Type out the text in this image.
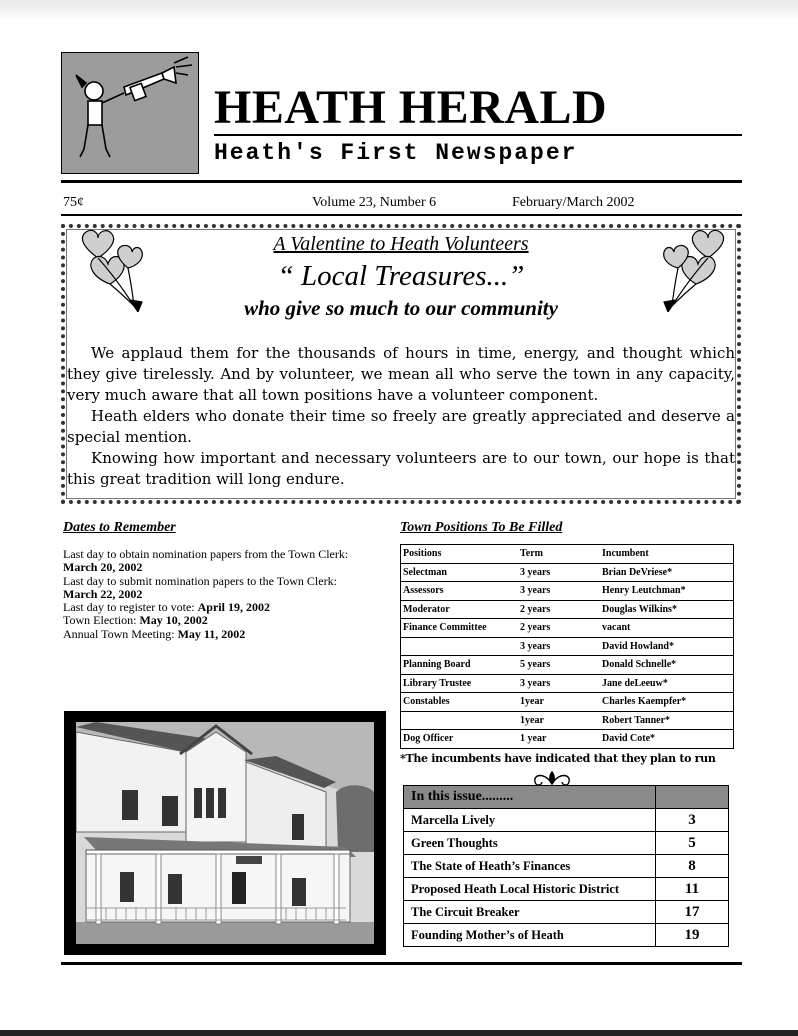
HEATH HERALD
Heath's First Newspaper
75¢	Volume 23, Number 6	February/March 2002
A Valentine to Heath Volunteers
“ Local Treasures...”
who give so much to our community

We applaud them for the thousands of hours in time, energy, and thought which they give tirelessly. And by volunteer, we mean all who serve the town in any capacity, very much aware that all town positions have a volunteer component.

Heath elders who donate their time so freely are greatly appreciated and deserve a special mention.

Knowing how important and necessary volunteers are to our town, our hope is that this great tradition will long endure.

Dates to Remember
Last day to obtain nomination papers from the Town Clerk:
March 20, 2002
Last day to submit nomination papers to the Town Clerk:
March 22, 2002
Last day to register to vote: April 19, 2002
Town Election: May 10, 2002
Annual Town Meeting: May 11, 2002
Town Positions To Be Filled
Positions	Term	Incumbent
Selectman	3 years	Brian DeVriese*
Assessors	3 years	Henry Leutchman*
Moderator	2 years	Douglas Wilkins*
Finance Committee	2 years	vacant
	3 years	David Howland*
Planning Board	5 years	Donald Schnelle*
Library Trustee	3 years	Jane deLeeuw*
Constables	1year	Charles Kaempfer*
	1year	Robert Tanner*
Dog Officer	1 year	David Cote*
*The incumbents have indicated that they plan to run
In this issue.........	
Marcella Lively	3
Green Thoughts	5
The State of Heath’s Finances	8
Proposed Heath Local Historic District	11
The Circuit Breaker	17
Founding Mother’s of Heath	19
